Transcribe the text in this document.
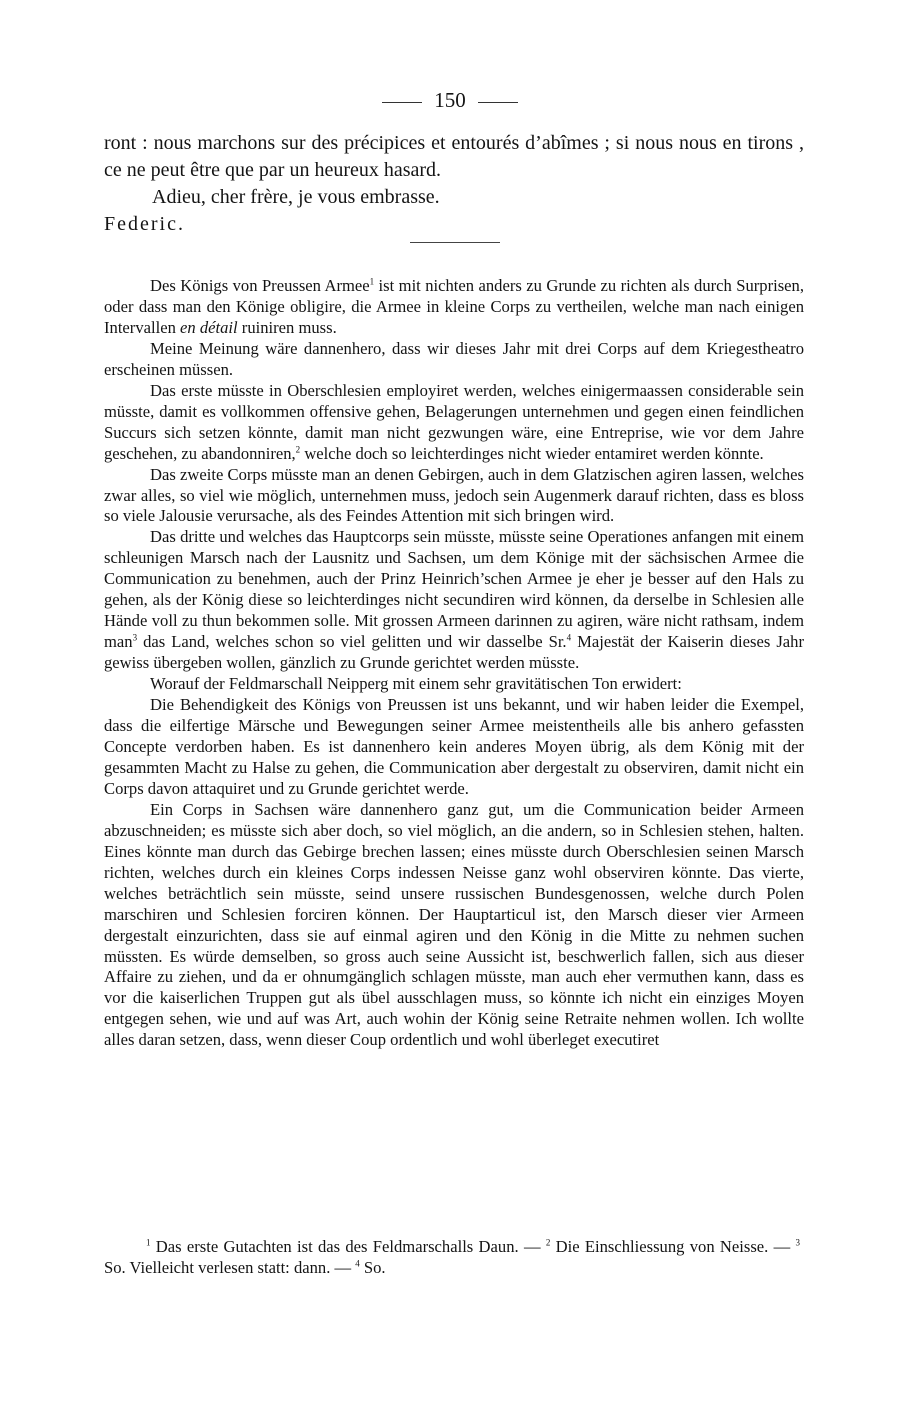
150

ront : nous marchons sur des précipices et entourés d’abîmes ; si nous nous en tirons , ce ne peut être que par un heureux hasard.

Adieu, cher frère, je vous embrasse.

Federic.

Des Königs von Preussen Armee$^1$ ist mit nichten anders zu Grunde zu richten als durch Surprisen, oder dass man den Könige obligire, die Armee in kleine Corps zu vertheilen, welche man nach einigen Intervallen en détail ruiniren muss.

Meine Meinung wäre dannenhero, dass wir dieses Jahr mit drei Corps auf dem Kriegestheatro erscheinen müssen.

Das erste müsste in Oberschlesien employiret werden, welches einigermaassen considerable sein müsste, damit es vollkommen offensive gehen, Belagerungen unternehmen und gegen einen feindlichen Succurs sich setzen könnte, damit man nicht gezwungen wäre, eine Entreprise, wie vor dem Jahre geschehen, zu abandonniren,$^2$ welche doch so leichterdinges nicht wieder entamiret werden könnte.

Das zweite Corps müsste man an denen Gebirgen, auch in dem Glatzischen agiren lassen, welches zwar alles, so viel wie möglich, unternehmen muss, jedoch sein Augenmerk darauf richten, dass es bloss so viele Jalousie verursache, als des Feindes Attention mit sich bringen wird.

Das dritte und welches das Hauptcorps sein müsste, müsste seine Operationes anfangen mit einem schleunigen Marsch nach der Lausnitz und Sachsen, um dem Könige mit der sächsischen Armee die Communication zu benehmen, auch der Prinz Heinrich’schen Armee je eher je besser auf den Hals zu gehen, als der König diese so leichterdinges nicht secundiren wird können, da derselbe in Schlesien alle Hände voll zu thun bekommen solle. Mit grossen Armeen darinnen zu agiren, wäre nicht rathsam, indem man$^3$ das Land, welches schon so viel gelitten und wir dasselbe Sr.$^4$ Majestät der Kaiserin dieses Jahr gewiss übergeben wollen, gänzlich zu Grunde gerichtet werden müsste.

Worauf der Feldmarschall Neipperg mit einem sehr gravitätischen Ton erwidert:

Die Behendigkeit des Königs von Preussen ist uns bekannt, und wir haben leider die Exempel, dass die eilfertige Märsche und Bewegungen seiner Armee meistentheils alle bis anhero gefassten Concepte verdorben haben. Es ist dannenhero kein anderes Moyen übrig, als dem König mit der gesammten Macht zu Halse zu gehen, die Communication aber dergestalt zu observiren, damit nicht ein Corps davon attaquiret und zu Grunde gerichtet werde.

Ein Corps in Sachsen wäre dannenhero ganz gut, um die Communication beider Armeen abzuschneiden; es müsste sich aber doch, so viel möglich, an die andern, so in Schlesien stehen, halten. Eines könnte man durch das Gebirge brechen lassen; eines müsste durch Oberschlesien seinen Marsch richten, welches durch ein kleines Corps indessen Neisse ganz wohl observiren könnte. Das vierte, welches beträchtlich sein müsste, seind unsere russischen Bundesgenossen, welche durch Polen marschiren und Schlesien forciren können. Der Hauptarticul ist, den Marsch dieser vier Armeen dergestalt einzurichten, dass sie auf einmal agiren und den König in die Mitte zu nehmen suchen müssten. Es würde demselben, so gross auch seine Aussicht ist, beschwerlich fallen, sich aus dieser Affaire zu ziehen, und da er ohnumgänglich schlagen müsste, man auch eher vermuthen kann, dass es vor die kaiserlichen Truppen gut als übel ausschlagen muss, so könnte ich nicht ein einziges Moyen entgegen sehen, wie und auf was Art, auch wohin der König seine Retraite nehmen wollen. Ich wollte alles daran setzen, dass, wenn dieser Coup ordentlich und wohl überleget executiret

$^1$ Das erste Gutachten ist das des Feldmarschalls Daun. — $^2$ Die Einschliessung von Neisse. — $^3$ So. Vielleicht verlesen statt: dann. — $^4$ So.
